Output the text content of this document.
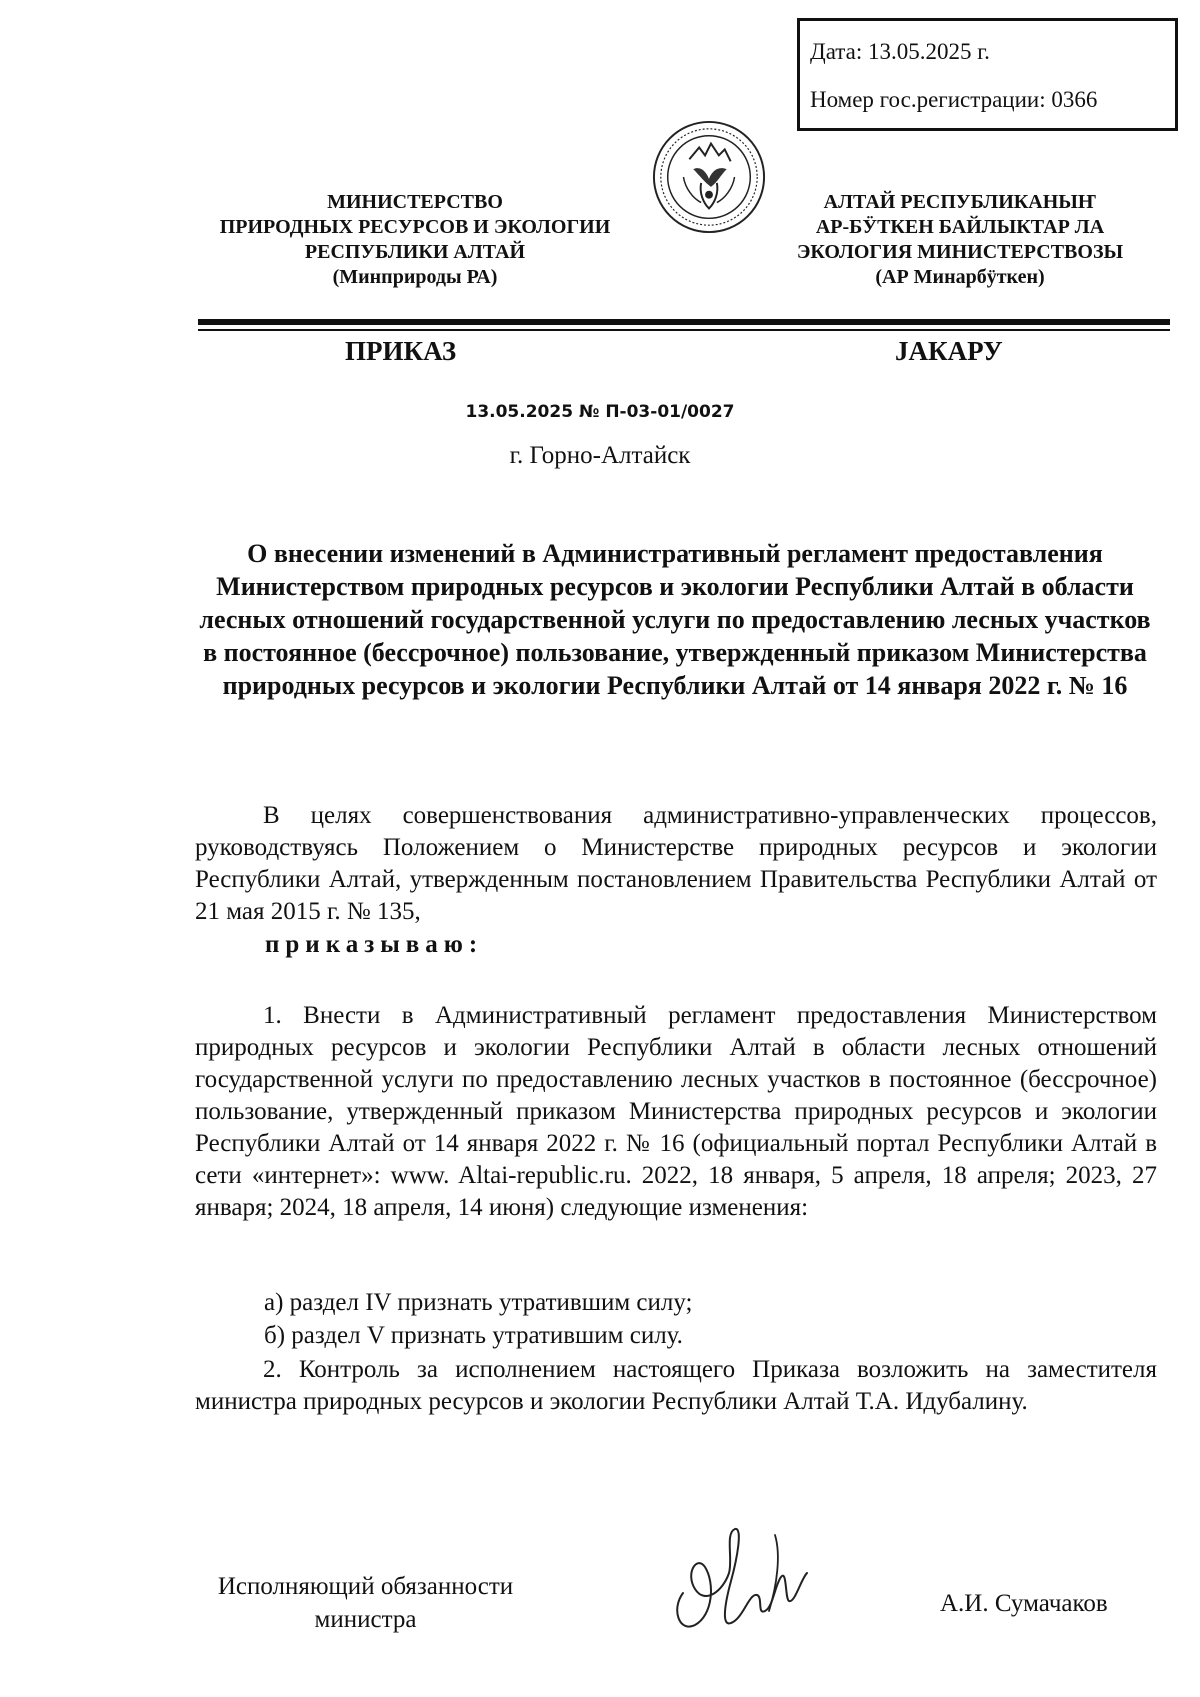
Дата: 13.05.2025 г.
Номер гос.регистрации: 0366
МИНИСТЕРСТВО
ПРИРОДНЫХ РЕСУРСОВ И ЭКОЛОГИИ
РЕСПУБЛИКИ АЛТАЙ
(Минприроды РА)
АЛТАЙ РЕСПУБЛИКАНЫҤ
АР-БӰТКЕН БАЙЛЫКТАР ЛА
ЭКОЛОГИЯ МИНИСТЕРСТВОЗЫ
(АР Минарбӱткен)
ПРИКАЗ	ЈАКАРУ
13.05.2025 № П-03-01/0027
г. Горно-Алтайск
О внесении изменений в Административный регламент предоставления Министерством природных ресурсов и экологии Республики Алтай в области лесных отношений государственной услуги по предоставлению лесных участков в постоянное (бессрочное) пользование, утвержденный приказом Министерства природных ресурсов и экологии Республики Алтай от 14 января 2022 г. № 16
В целях совершенствования административно-управленческих процессов, руководствуясь Положением о Министерстве природных ресурсов и экологии Республики Алтай, утвержденным постановлением Правительства Республики Алтай от 21 мая 2015 г. № 135,
приказываю:
1. Внести в Административный регламент предоставления Министерством природных ресурсов и экологии Республики Алтай в области лесных отношений государственной услуги по предоставлению лесных участков в постоянное (бессрочное) пользование, утвержденный приказом Министерства природных ресурсов и экологии Республики Алтай от 14 января 2022 г. № 16 (официальный портал Республики Алтай в сети «интернет»: www. Altai-republic.ru. 2022, 18 января, 5 апреля, 18 апреля; 2023, 27 января; 2024, 18 апреля, 14 июня) следующие изменения:
а) раздел IV признать утратившим силу;
б) раздел V признать утратившим силу.
2. Контроль за исполнением настоящего Приказа возложить на заместителя министра природных ресурсов и экологии Республики Алтай Т.А. Идубалину.
Исполняющий обязанности
министра
А.И. Сумачаков
